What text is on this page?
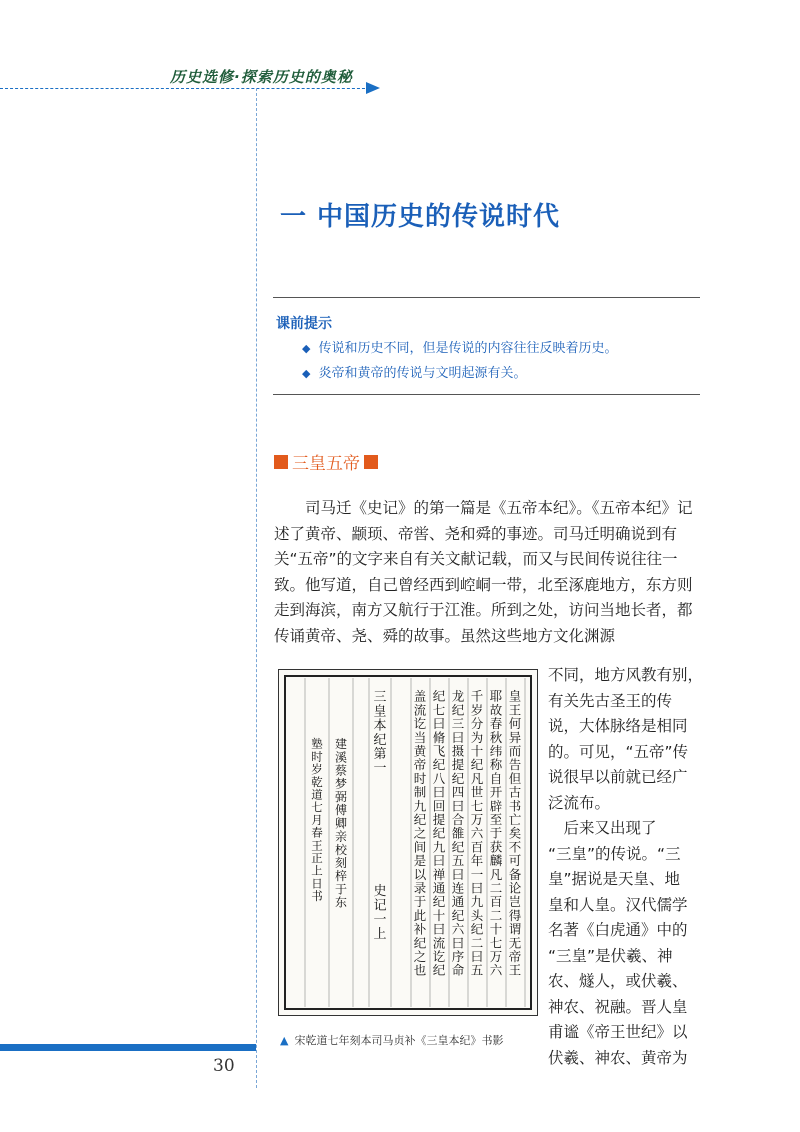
历史选修·探索历史的奥秘
一 中国历史的传说时代
课前提示
◆ 传说和历史不同，但是传说的内容往往反映着历史。
◆ 炎帝和黄帝的传说与文明起源有关。
三皇五帝

司马迁《史记》的第一篇是《五帝本纪》。《五帝本纪》记述了黄帝、颛顼、帝喾、尧和舜的事迹。司马迁明确说到有关“五帝”的文字来自有关文献记载，而又与民间传说往往一致。他写道，自己曾经西到崆峒一带，北至涿鹿地方，东方则走到海滨，南方又航行于江淮。所到之处，访问当地长者，都传诵黄帝、尧、舜的故事。虽然这些地方文化渊源

不同，地方风教有别，
有关先古圣王的传
说，大体脉络是相同
的。可见，“五帝”传
说很早以前就已经广
泛流布。
　后来又出现了
“三皇”的传说。“三
皇”据说是天皇、地
皇和人皇。汉代儒学
名著《白虎通》中的
“三皇”是伏羲、神
农、燧人，或伏羲、
神农、祝融。晋人皇
甫谧《帝王世纪》以
伏羲、神农、黄帝为
皇王何异而告但古书亡矣不可备论岂得谓无帝王
耶故春秋纬称自开辟至于获麟凡二百二十七万六
千岁分为十纪凡世七万六百年一曰九头纪二曰五
龙纪三曰摄提纪四曰合雒纪五曰连通纪六曰序命
纪七曰脩飞纪八曰回提纪九曰禅通纪十曰流讫纪
盖流讫当黄帝时制九纪之间是以录于此补纪之也
三皇本纪第一
史记一上
建溪蔡梦弼傅卿亲校刻梓于东
塾时岁乾道七月春王正上日书
▲ 宋乾道七年刻本司马贞补《三皇本纪》书影
30
